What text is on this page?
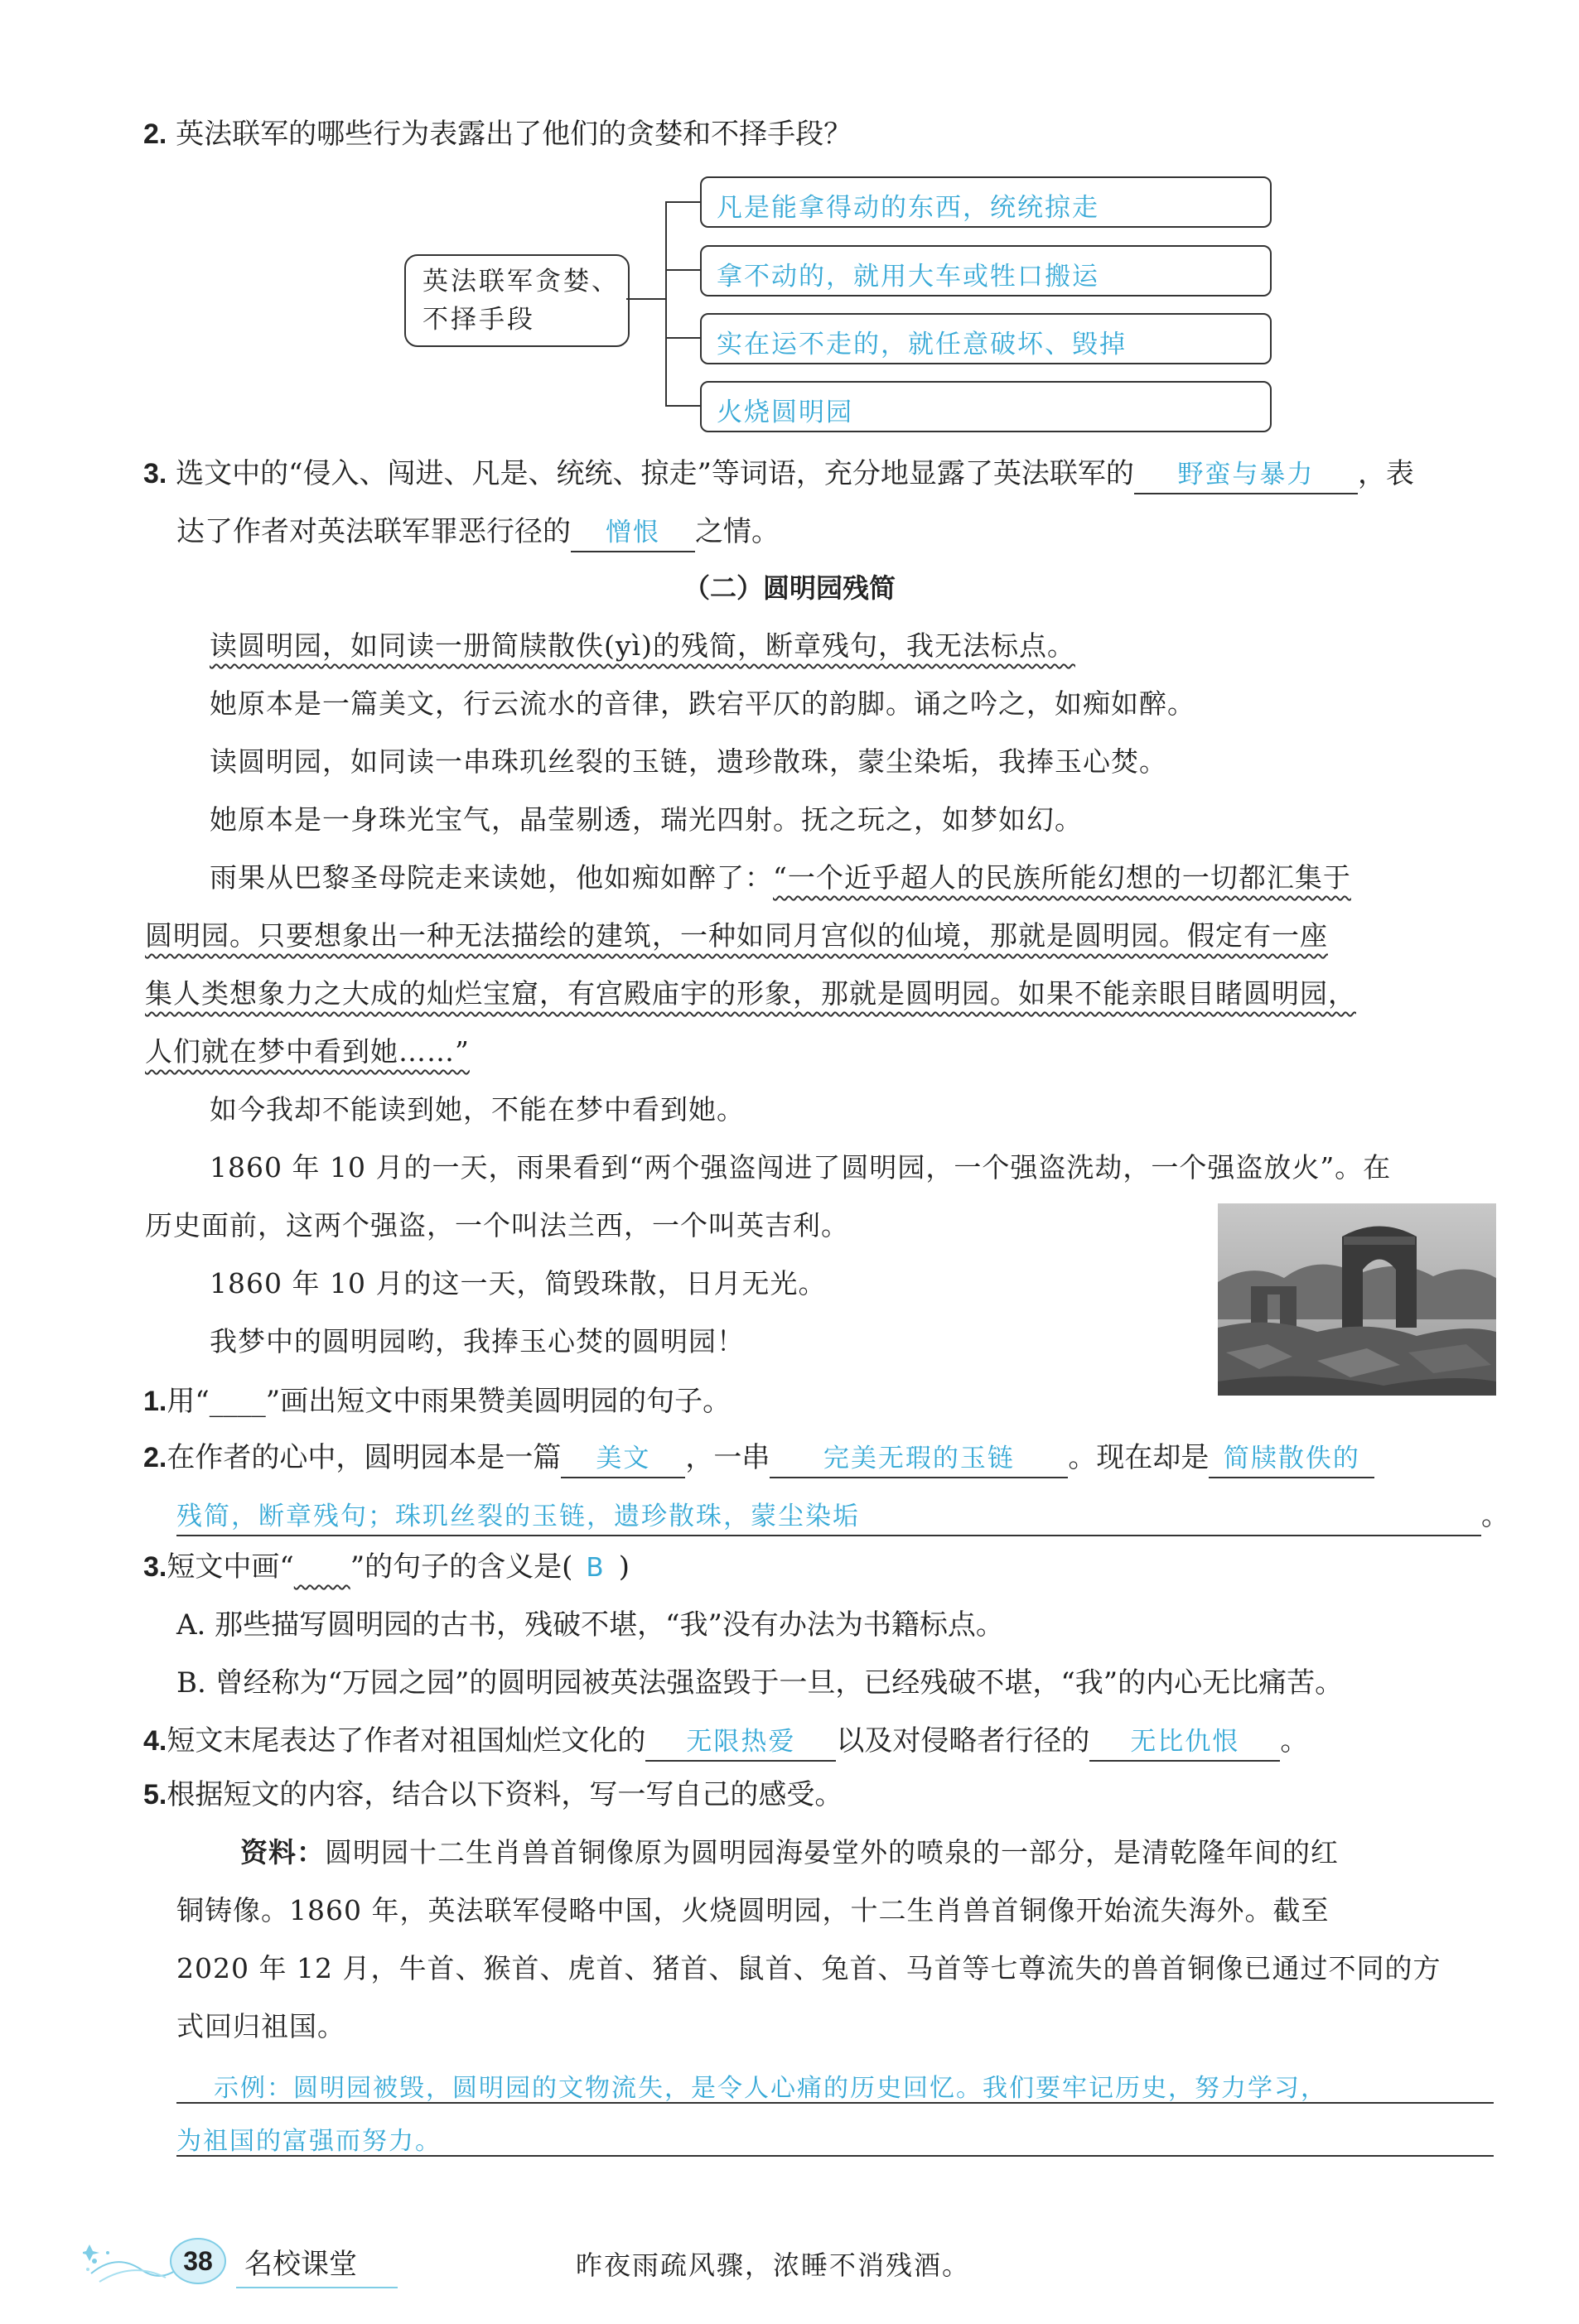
2. 英法联军的哪些行为表露出了他们的贪婪和不择手段？
英法联军贪婪、
不择手段
凡是能拿得动的东西，统统掠走
拿不动的，就用大车或牲口搬运
实在运不走的，就任意破坏、毁掉
火烧圆明园
3. 选文中的“侵入、闯进、凡是、统统、掠走”等词语，充分地显露了英法联军的 野蛮与暴力 ，表
达了作者对英法联军罪恶行径的 憎恨 之情。
（二）圆明园残简
读圆明园，如同读一册简牍散佚(yì)的残简，断章残句，我无法标点。
她原本是一篇美文，行云流水的音律，跌宕平仄的韵脚。诵之吟之，如痴如醉。
读圆明园，如同读一串珠玑丝裂的玉链，遗珍散珠，蒙尘染垢，我捧玉心焚。
她原本是一身珠光宝气，晶莹剔透，瑞光四射。抚之玩之，如梦如幻。
雨果从巴黎圣母院走来读她，他如痴如醉了：“一个近乎超人的民族所能幻想的一切都汇集于
圆明园。只要想象出一种无法描绘的建筑，一种如同月宫似的仙境，那就是圆明园。假定有一座
集人类想象力之大成的灿烂宝窟，有宫殿庙宇的形象，那就是圆明园。如果不能亲眼目睹圆明园，
人们就在梦中看到她……”
如今我却不能读到她，不能在梦中看到她。
1860 年 10 月的一天，雨果看到“两个强盗闯进了圆明园，一个强盗洗劫，一个强盗放火”。在
历史面前，这两个强盗，一个叫法兰西，一个叫英吉利。
1860 年 10 月的这一天，简毁珠散，日月无光。
我梦中的圆明园哟，我捧玉心焚的圆明园！
1.用“____”画出短文中雨果赞美圆明园的句子。
2.在作者的心中，圆明园本是一篇 美文 ，一串 完美无瑕的玉链 。现在却是 简牍散佚的
残简，断章残句；珠玑丝裂的玉链，遗珍散珠，蒙尘染垢	。
3.短文中画“ ”的句子的含义是( B )
A. 那些描写圆明园的古书，残破不堪，“我”没有办法为书籍标点。
B. 曾经称为“万园之园”的圆明园被英法强盗毁于一旦，已经残破不堪，“我”的内心无比痛苦。
4.短文末尾表达了作者对祖国灿烂文化的 无限热爱 以及对侵略者行径的 无比仇恨 。
5.根据短文的内容，结合以下资料，写一写自己的感受。
资料：圆明园十二生肖兽首铜像原为圆明园海晏堂外的喷泉的一部分，是清乾隆年间的红
铜铸像。1860 年，英法联军侵略中国，火烧圆明园，十二生肖兽首铜像开始流失海外。截至
2020 年 12 月，牛首、猴首、虎首、猪首、鼠首、兔首、马首等七尊流失的兽首铜像已通过不同的方
式回归祖国。
示例：圆明园被毁，圆明园的文物流失，是令人心痛的历史回忆。我们要牢记历史，努力学习，
为祖国的富强而努力。
38	名校课堂	昨夜雨疏风骤，浓睡不消残酒。
